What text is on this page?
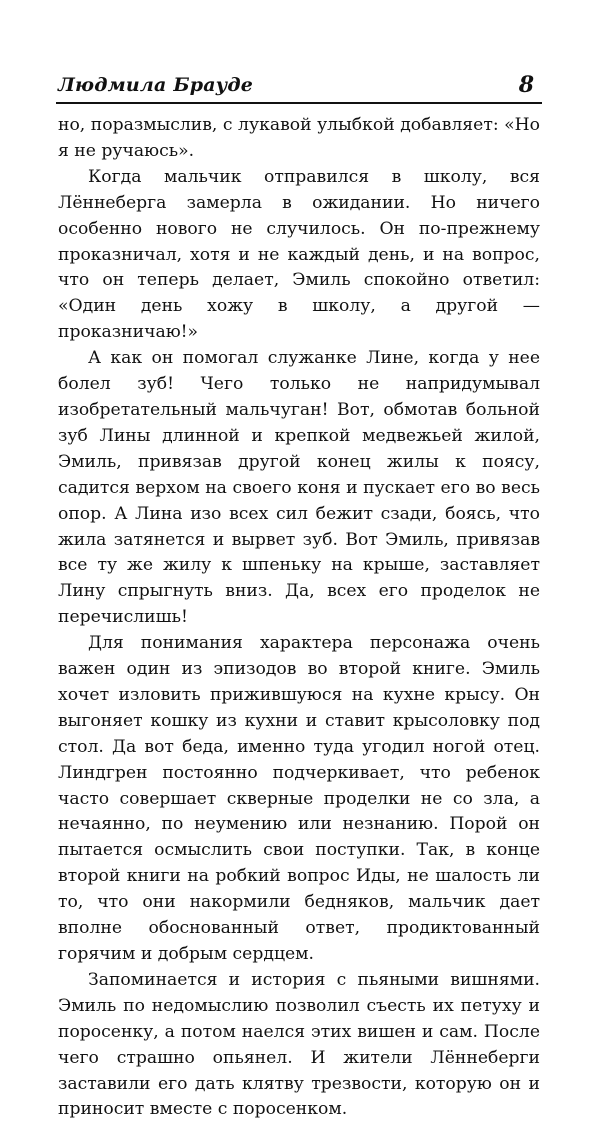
Людмила Брауде	8

но, поразмыслив, с лукавой улыбкой добавляет: «Но я не ручаюсь».

Когда мальчик отправился в школу, вся Лённеберга замерла в ожидании. Но ничего особенно нового не случилось. Он по-прежнему проказничал, хотя и не каждый день, и на вопрос, что он теперь делает, Эмиль спокойно ответил: «Один день хожу в школу, а другой — проказничаю!»

А как он помогал служанке Лине, когда у нее болел зуб! Чего только не напридумывал изобретательный мальчуган! Вот, обмотав больной зуб Лины длинной и крепкой медвежьей жилой, Эмиль, привязав другой конец жилы к поясу, садится верхом на своего коня и пускает его во весь опор. А Лина изо всех сил бежит сзади, боясь, что жила затянется и вырвет зуб. Вот Эмиль, привязав все ту же жилу к шпеньку на крыше, заставляет Лину спрыгнуть вниз. Да, всех его проделок не перечислишь!

Для понимания характера персонажа очень важен один из эпизодов во второй книге. Эмиль хочет изловить прижившуюся на кухне крысу. Он выгоняет кошку из кухни и ставит крысоловку под стол. Да вот беда, именно туда угодил ногой отец. Линдгрен постоянно подчеркивает, что ребенок часто совершает скверные проделки не со зла, а нечаянно, по неумению или незнанию. Порой он пытается осмыслить свои поступки. Так, в конце второй книги на робкий вопрос Иды, не шалость ли то, что они накормили бедняков, мальчик дает вполне обоснованный ответ, продиктованный горячим и добрым сердцем.

Запоминается и история с пьяными вишнями. Эмиль по недомыслию позволил съесть их петуху и поросенку, а потом наелся этих вишен и сам. После чего страшно опьянел. И жители Лённеберги заставили его дать клятву трезвости, которую он и приносит вместе с поросенком.
